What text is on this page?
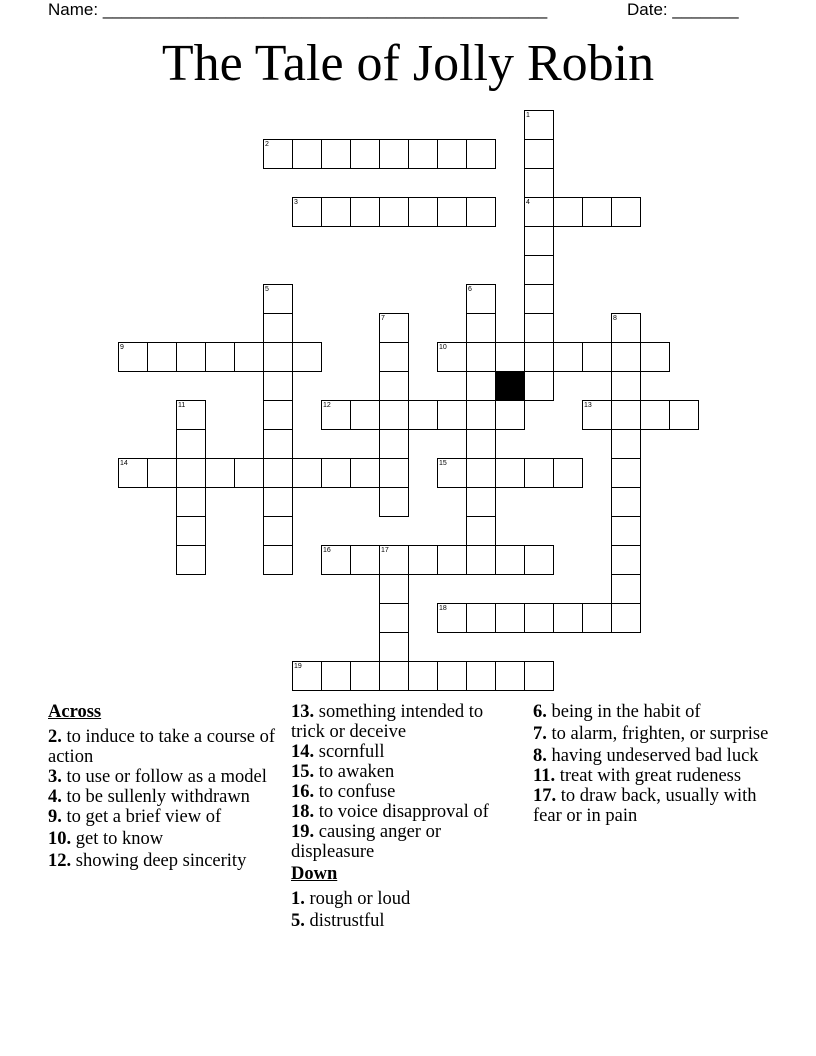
Name: _______________________________________________	Date: _______
The Tale of Jolly Robin
1
2
3	4
5	6
7	8
9	10
11	12	13
14	15
16	17
18
19
Across
2. to induce to take a course of action
3. to use or follow as a model
4. to be sullenly withdrawn
9. to get a brief view of
10. get to know
12. showing deep sincerity
13. something intended to trick or deceive
14. scornfull
15. to awaken
16. to confuse
18. to voice disapproval of
19. causing anger or displeasure
Down
1. rough or loud
5. distrustful
6. being in the habit of
7. to alarm, frighten, or surprise
8. having undeserved bad luck
11. treat with great rudeness
17. to draw back, usually with fear or in pain
